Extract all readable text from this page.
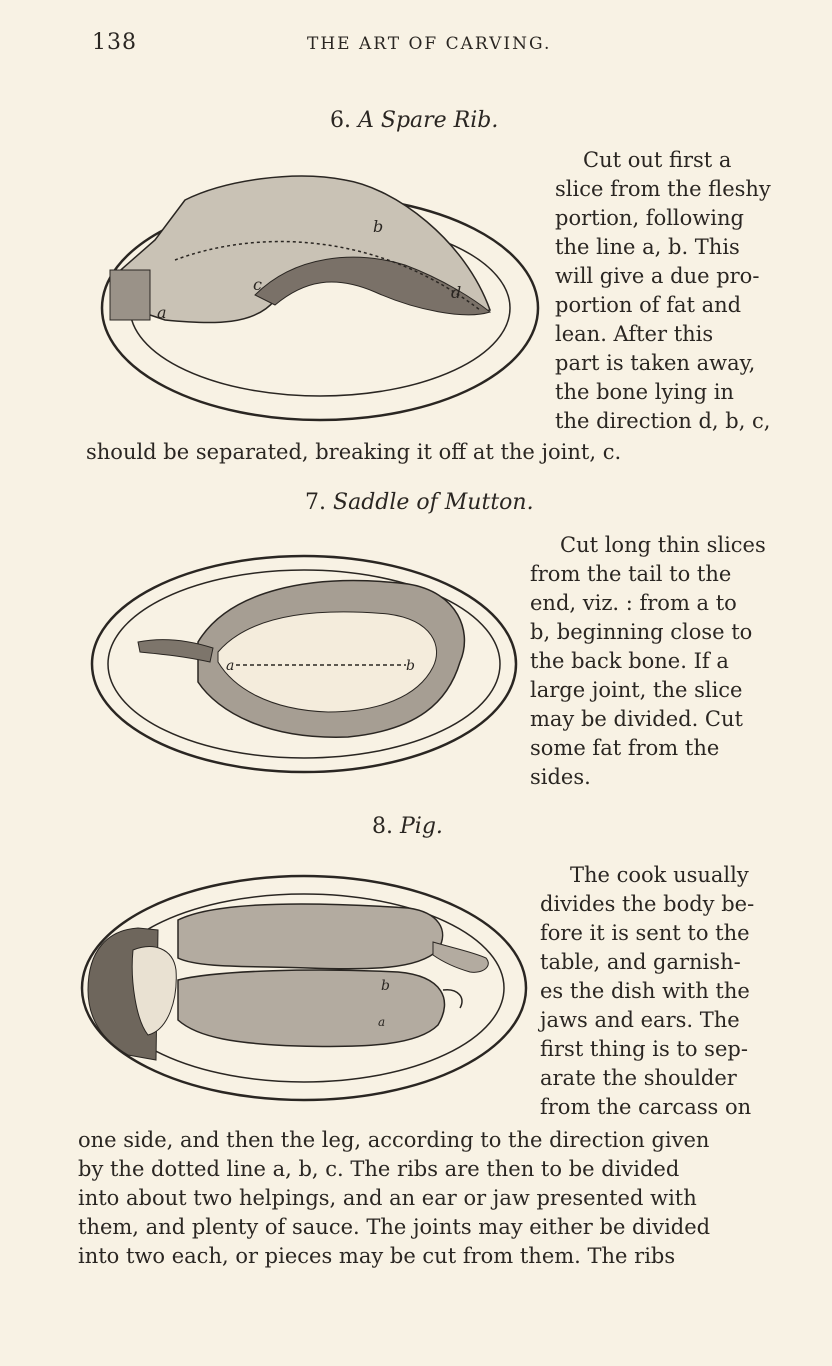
138	THE ART OF CARVING.
6. A Spare Rib.
b
c	d
a
Cut out first a
slice from the fleshy
portion, following
the line a, b. This
will give a due pro-
portion of fat and
lean. After this
part is taken away,
the bone lying in
the direction d, b, c,
should be separated, breaking it off at the joint, c.
7. Saddle of Mutton.
a	b
Cut long thin slices
from the tail to the
end, viz. : from a to
b, beginning close to
the back bone. If a
large joint, the slice
may be divided. Cut
some fat from the
sides.
8. Pig.
b
a
The cook usually
divides the body be-
fore it is sent to the
table, and garnish-
es the dish with the
jaws and ears. The
first thing is to sep-
arate the shoulder
from the carcass on
one side, and then the leg, according to the direction given
by the dotted line a, b, c. The ribs are then to be divided
into about two helpings, and an ear or jaw presented with
them, and plenty of sauce. The joints may either be divided
into two each, or pieces may be cut from them. The ribs
